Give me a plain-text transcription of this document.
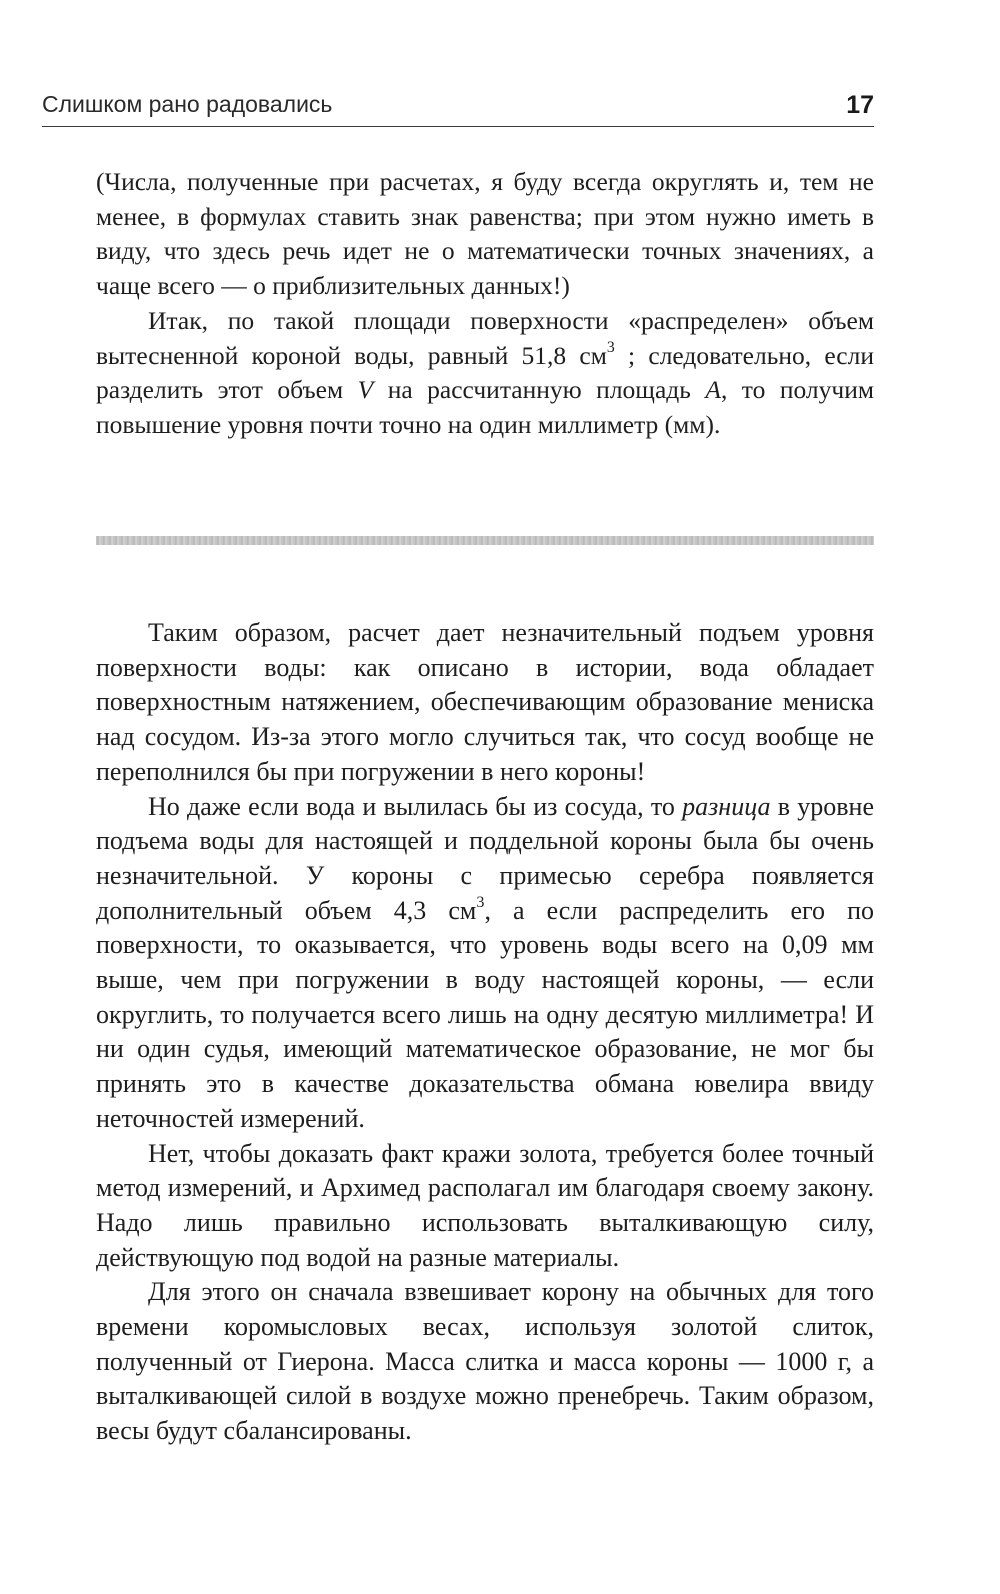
Слишком рано радовались	17

(Числа, полученные при расчетах, я буду всегда округлять и, тем не менее, в формулах ставить знак равенства; при этом нужно иметь в виду, что здесь речь идет не о математически точных значениях, а чаще всего — о приблизительных данных!)

Итак, по такой площади поверхности «распределен» объем вытесненной короной воды, равный 51,8 $см^3$ ; следовательно, если разделить этот объем V на рассчитанную площадь A, то получим повышение уровня почти точно на один миллиметр (мм).

Таким образом, расчет дает незначительный подъем уровня поверхности воды: как описано в истории, вода обладает поверхностным натяжением, обеспечивающим образование мениска над сосудом. Из-за этого могло случиться так, что сосуд вообще не переполнился бы при погружении в него короны!

Но даже если вода и вылилась бы из сосуда, то разница в уровне подъема воды для настоящей и поддельной короны была бы очень незначительной. У короны с примесью серебра появляется дополнительный объем 4,3 $см^3$, а если распределить его по поверхности, то оказывается, что уровень воды всего на 0,09 мм выше, чем при погружении в воду настоящей короны, — если округлить, то получается всего лишь на одну десятую миллиметра! И ни один судья, имеющий математическое образование, не мог бы принять это в качестве доказательства обмана ювелира ввиду неточностей измерений.

Нет, чтобы доказать факт кражи золота, требуется более точный метод измерений, и Архимед располагал им благодаря своему закону. Надо лишь правильно использовать выталкивающую силу, действующую под водой на разные материалы.

Для этого он сначала взвешивает корону на обычных для того времени коромысловых весах, используя золотой слиток, полученный от Гиерона. Масса слитка и масса короны — 1000 г, а выталкивающей силой в воздухе можно пренебречь. Таким образом, весы будут сбалансированы.
